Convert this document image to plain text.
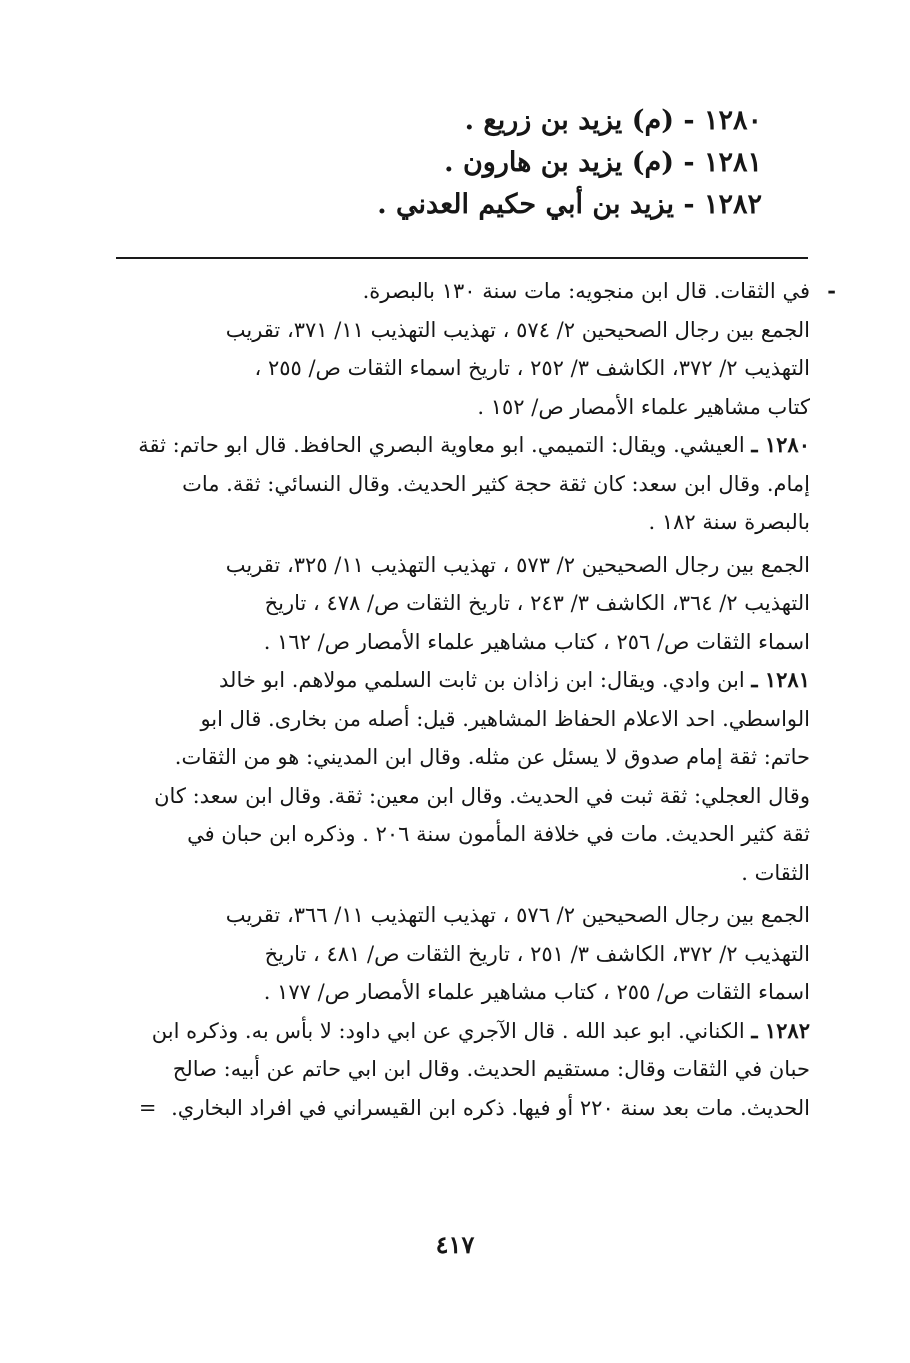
١٢٨٠ - (م) يزيد بن زريع .
١٢٨١ - (م) يزيد بن هارون .
١٢٨٢ - يزيد بن أبي حكيم العدني .
-
في الثقات. قال ابن منجويه: مات سنة ١٣٠ بالبصرة.
الجمع بين رجال الصحيحين ٢/ ٥٧٤ ، تهذيب التهذيب ١١/ ٣٧١، تقريب
التهذيب ٢/ ٣٧٢، الكاشف ٣/ ٢٥٢ ، تاريخ اسماء الثقات ص/ ٢٥٥ ،
كتاب مشاهير علماء الأمصار ص/ ١٥٢ .
١٢٨٠ ـ العيشي. ويقال: التميمي. ابو معاوية البصري الحافظ. قال ابو حاتم: ثقة
إمام. وقال ابن سعد: كان ثقة حجة كثير الحديث. وقال النسائي: ثقة. مات
بالبصرة سنة ١٨٢ .
الجمع بين رجال الصحيحين ٢/ ٥٧٣ ، تهذيب التهذيب ١١/ ٣٢٥، تقريب
التهذيب ٢/ ٣٦٤، الكاشف ٣/ ٢٤٣ ، تاريخ الثقات ص/ ٤٧٨ ، تاريخ
اسماء الثقات ص/ ٢٥٦ ، كتاب مشاهير علماء الأمصار ص/ ١٦٢ .
١٢٨١ ـ ابن وادي. ويقال: ابن زاذان بن ثابت السلمي مولاهم. ابو خالد
الواسطي. احد الاعلام الحفاظ المشاهير. قيل: أصله من بخارى. قال ابو
حاتم: ثقة إمام صدوق لا يسئل عن مثله. وقال ابن المديني: هو من الثقات.
وقال العجلي: ثقة ثبت في الحديث. وقال ابن معين: ثقة. وقال ابن سعد: كان
ثقة كثير الحديث. مات في خلافة المأمون سنة ٢٠٦ . وذكره ابن حبان في
الثقات .
الجمع بين رجال الصحيحين ٢/ ٥٧٦ ، تهذيب التهذيب ١١/ ٣٦٦، تقريب
التهذيب ٢/ ٣٧٢، الكاشف ٣/ ٢٥١ ، تاريخ الثقات ص/ ٤٨١ ، تاريخ
اسماء الثقات ص/ ٢٥٥ ، كتاب مشاهير علماء الأمصار ص/ ١٧٧ .
١٢٨٢ ـ الكناني. ابو عبد الله . قال الآجري عن ابي داود: لا بأس به. وذكره ابن
حبان في الثقات وقال: مستقيم الحديث. وقال ابن ابي حاتم عن أبيه: صالح
الحديث. مات بعد سنة ٢٢٠ أو فيها. ذكره ابن القيسراني في افراد البخاري. =
٤١٧
